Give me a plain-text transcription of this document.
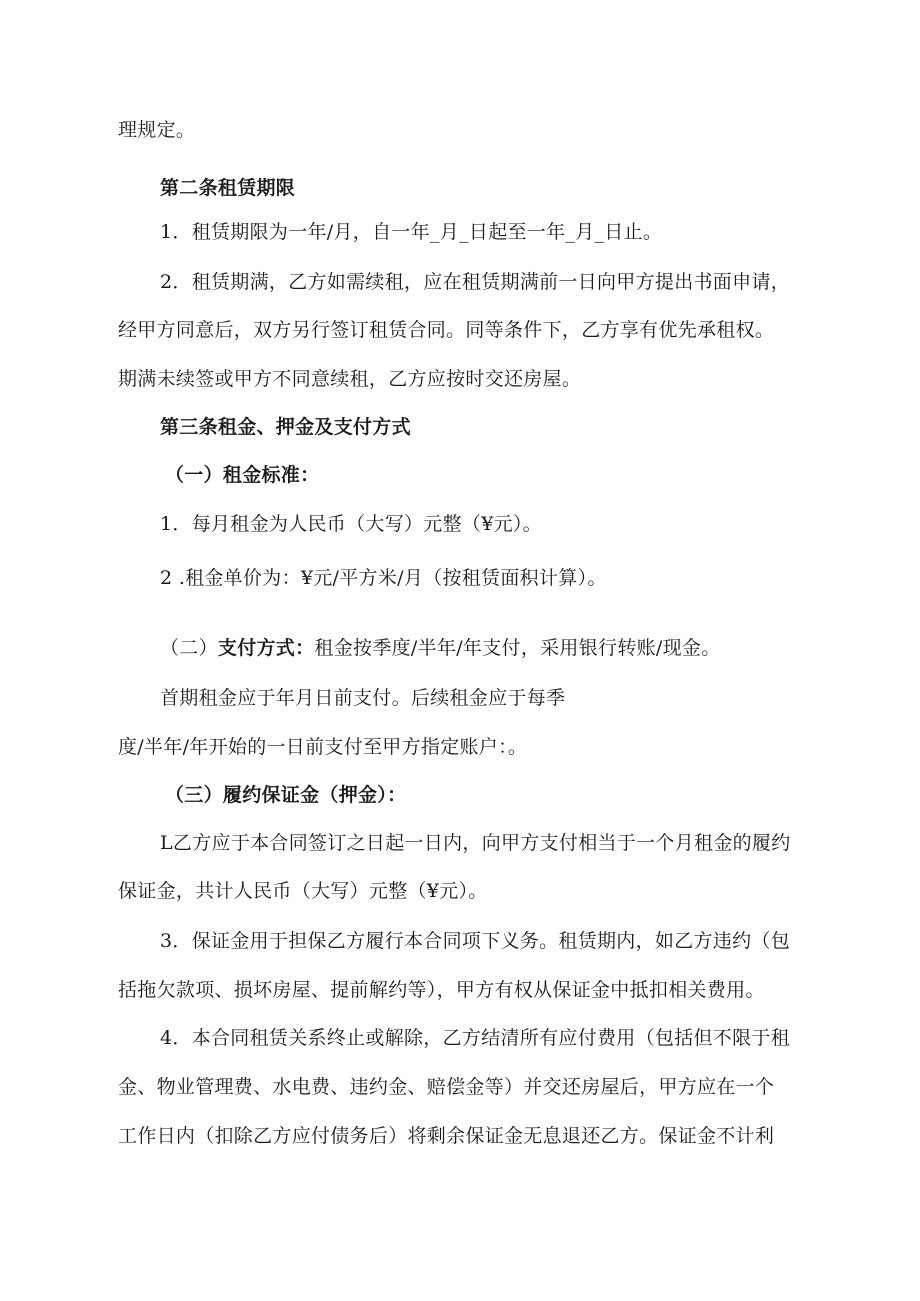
理规定。
第二条租赁期限
1．租赁期限为一年/月，自一年_月_日起至一年_月_日止。
2．租赁期满，乙方如需续租，应在租赁期满前一日向甲方提出书面申请，
经甲方同意后，双方另行签订租赁合同。同等条件下，乙方享有优先承租权。
期满未续签或甲方不同意续租，乙方应按时交还房屋。
第三条租金、押金及支付方式
（一）租金标准：
1．每月租金为人民币（大写）元整（¥元）。
2 .租金单价为：¥元/平方米/月（按租赁面积计算）。
（二）支付方式：租金按季度/半年/年支付，采用银行转账/现金。
首期租金应于年月日前支付。后续租金应于每季
度/半年/年开始的一日前支付至甲方指定账户：。
（三）履约保证金（押金）：
L乙方应于本合同签订之日起一日内，向甲方支付相当于一个月租金的履约
保证金，共计人民币（大写）元整（¥元）。
3．保证金用于担保乙方履行本合同项下义务。租赁期内，如乙方违约（包
括拖欠款项、损坏房屋、提前解约等），甲方有权从保证金中抵扣相关费用。
4．本合同租赁关系终止或解除，乙方结清所有应付费用（包括但不限于租
金、物业管理费、水电费、违约金、赔偿金等）并交还房屋后，甲方应在一个
工作日内（扣除乙方应付债务后）将剩余保证金无息退还乙方。保证金不计利
